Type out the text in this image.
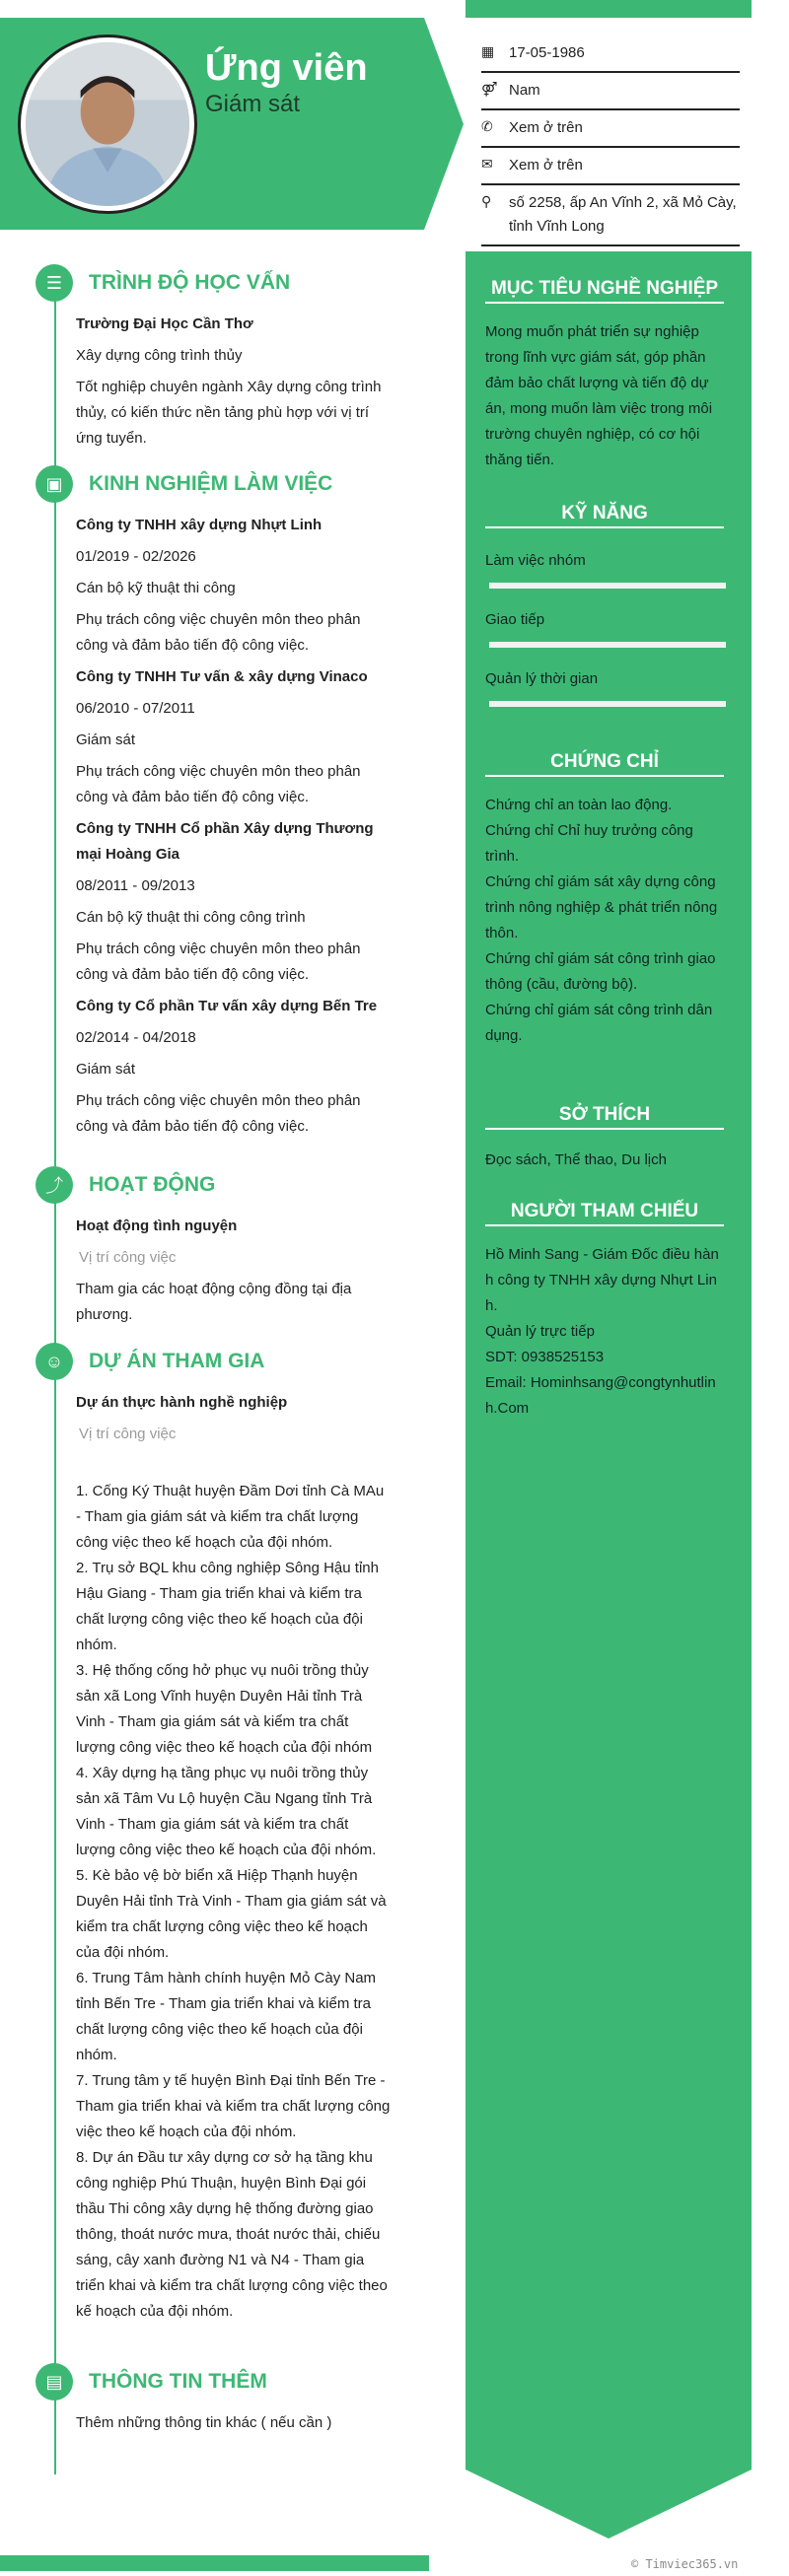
Ứng viên
Giám sát
▦ 17-05-1986
⚤ Nam
✆	Xem ở trên
✉	Xem ở trên
⚲	số 2258, ấp An Vĩnh 2, xã Mỏ Cày, tỉnh Vĩnh Long
☰	TRÌNH ĐỘ HỌC VẤN

Trường Đại Học Cần Thơ

Xây dựng công trình thủy

Tốt nghiệp chuyên ngành Xây dựng công trình thủy, có kiến thức nền tảng phù hợp với vị trí ứng tuyển.

▣	KINH NGHIỆM LÀM VIỆC

Công ty TNHH xây dựng Nhựt Linh

01/2019 - 02/2026

Cán bộ kỹ thuật thi công

Phụ trách công việc chuyên môn theo phân công và đảm bảo tiến độ công việc.

Công ty TNHH Tư vấn & xây dựng Vinaco

06/2010 - 07/2011

Giám sát

Phụ trách công việc chuyên môn theo phân công và đảm bảo tiến độ công việc.

Công ty TNHH Cổ phần Xây dựng Thương mại Hoàng Gia

08/2011 - 09/2013

Cán bộ kỹ thuật thi công công trình

Phụ trách công việc chuyên môn theo phân công và đảm bảo tiến độ công việc.

Công ty Cổ phần Tư vấn xây dựng Bến Tre

02/2014 - 04/2018

Giám sát

Phụ trách công việc chuyên môn theo phân công và đảm bảo tiến độ công việc.

⤴	HOẠT ĐỘNG

Hoạt động tình nguyện

Vị trí công việc

Tham gia các hoạt động cộng đồng tại địa phương.

☺	DỰ ÁN THAM GIA

Dự án thực hành nghề nghiệp

Vị trí công việc

1. Cống Ký Thuật huyện Đầm Dơi tỉnh Cà MAu - Tham gia giám sát và kiểm tra chất lượng công việc theo kế hoạch của đội nhóm.
2. Trụ sở BQL khu công nghiệp Sông Hậu tỉnh Hậu Giang - Tham gia triển khai và kiểm tra chất lượng công việc theo kế hoạch của đội nhóm.
3. Hệ thống cống hở phục vụ nuôi trồng thủy sản xã Long Vĩnh huyện Duyên Hải tỉnh Trà Vinh - Tham gia giám sát và kiểm tra chất lượng công việc theo kế hoạch của đội nhóm
4. Xây dựng hạ tầng phục vụ nuôi trồng thủy sản xã Tâm Vu Lộ huyện Cầu Ngang tỉnh Trà Vinh - Tham gia giám sát và kiểm tra chất lượng công việc theo kế hoạch của đội nhóm.
5. Kè bảo vệ bờ biển xã Hiệp Thạnh huyện Duyên Hải tỉnh Trà Vinh - Tham gia giám sát và kiểm tra chất lượng công việc theo kế hoạch của đội nhóm.
6. Trung Tâm hành chính huyện Mỏ Cày Nam tỉnh Bến Tre - Tham gia triển khai và kiểm tra chất lượng công việc theo kế hoạch của đội nhóm.
7. Trung tâm y tế huyện Bình Đại tỉnh Bến Tre - Tham gia triển khai và kiểm tra chất lượng công việc theo kế hoạch của đội nhóm.
8. Dự án Đầu tư xây dựng cơ sở hạ tầng khu công nghiệp Phú Thuận, huyện Bình Đại gói thầu Thi công xây dựng hệ thống đường giao thông, thoát nước mưa, thoát nước thải, chiếu sáng, cây xanh đường N1 và N4 - Tham gia triển khai và kiểm tra chất lượng công việc theo kế hoạch của đội nhóm.
▤	THÔNG TIN THÊM

Thêm những thông tin khác ( nếu cần )

MỤC TIÊU NGHỀ NGHIỆP
Mong muốn phát triển sự nghiệp trong lĩnh vực giám sát, góp phần đảm bảo chất lượng và tiến độ dự án, mong muốn làm việc trong môi trường chuyên nghiệp, có cơ hội thăng tiến.
KỸ NĂNG
Làm việc nhóm
Giao tiếp
Quản lý thời gian
CHỨNG CHỈ
Chứng chỉ an toàn lao động.
Chứng chỉ Chỉ huy trưởng công trình.
Chứng chỉ giám sát xây dựng công trình nông nghiệp & phát triển nông thôn.
Chứng chỉ giám sát công trình giao thông (cầu, đường bộ).
Chứng chỉ giám sát công trình dân dụng.
SỞ THÍCH
Đọc sách, Thể thao, Du lịch
NGƯỜI THAM CHIẾU
Hồ Minh Sang - Giám Đốc điều hành công ty TNHH xây dựng Nhựt Linh.
Quản lý trực tiếp
SDT: 0938525153
Email: Hominhsang@congtynhutlinh.Com
© Timviec365.vn
